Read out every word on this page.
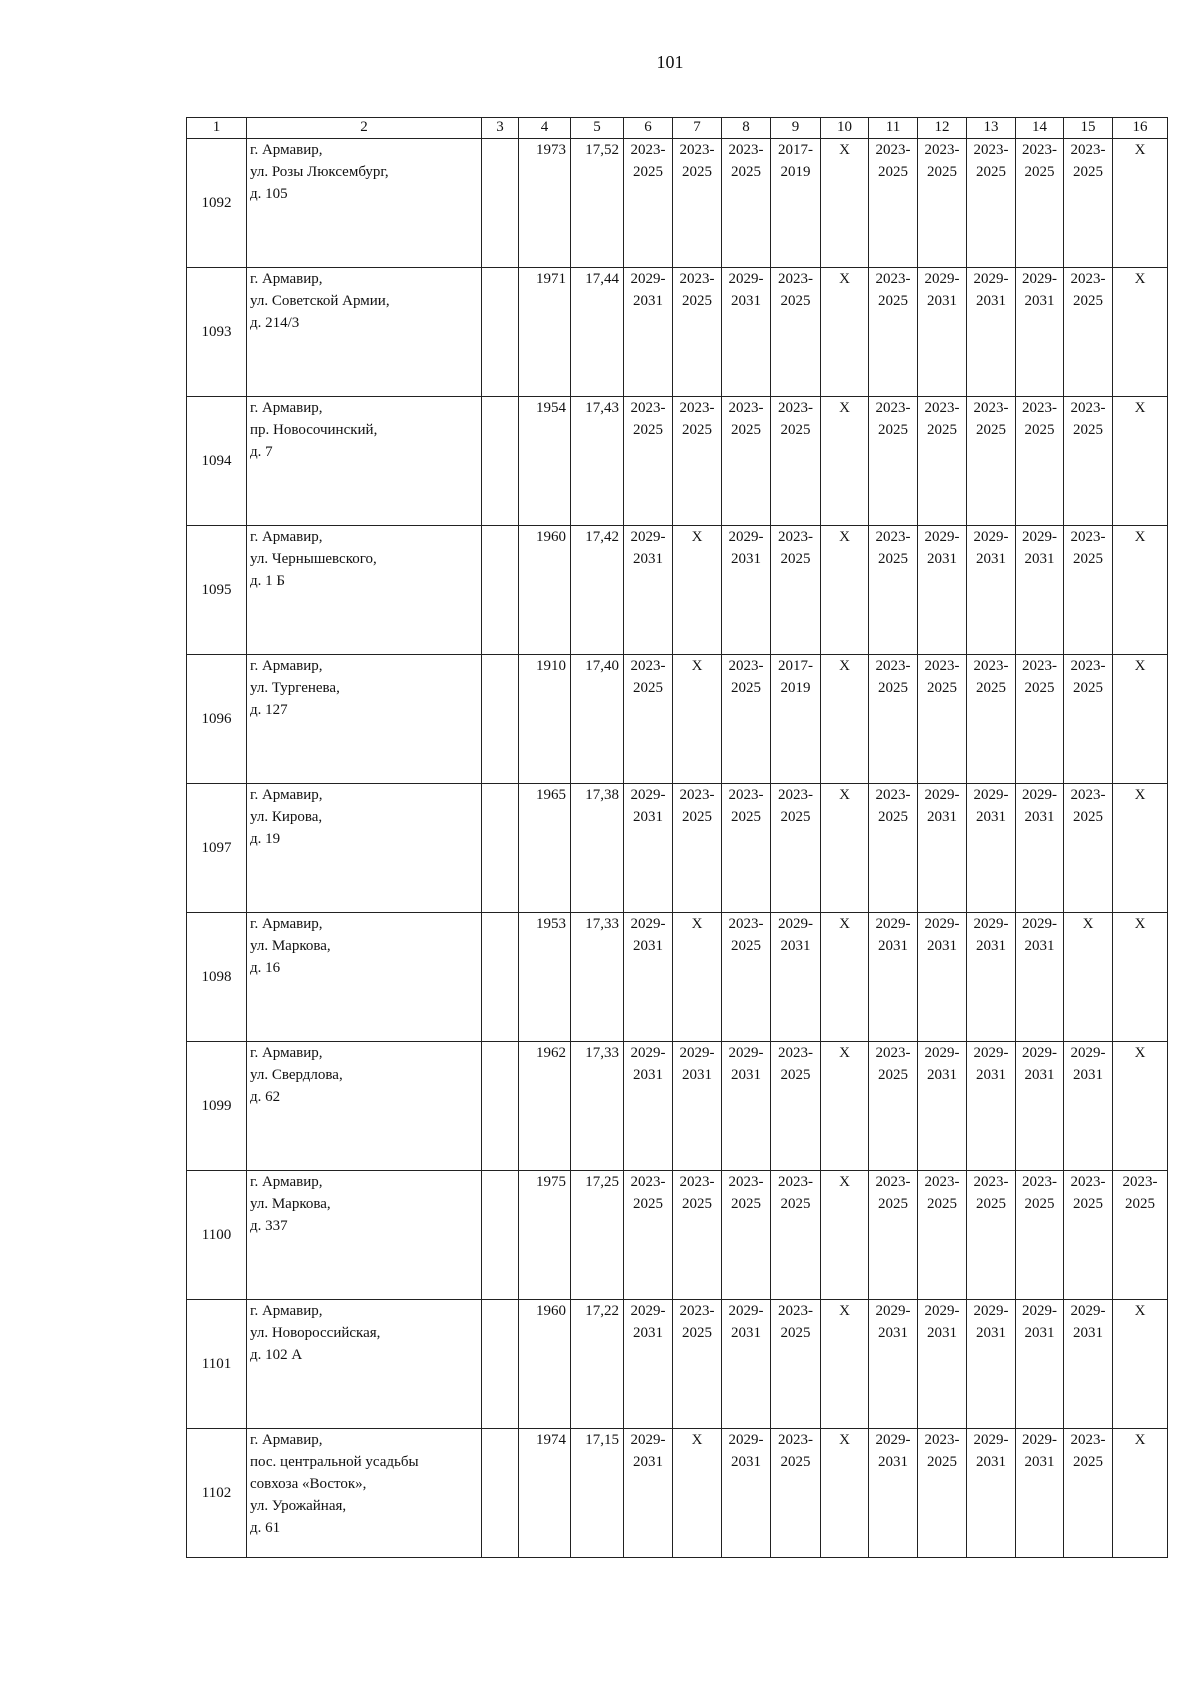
101
1	2	3	4	5	6	7	8	9	10	11	12	13	14	15	16
1092	г. Армавир,
ул. Розы Люксембург,
д. 105		1973	17,52	2023-
2025	2023-
2025	2023-
2025	2017-
2019	X	2023-
2025	2023-
2025	2023-
2025	2023-
2025	2023-
2025	X

1093	г. Армавир,
ул. Советской Армии,
д. 214/3		1971	17,44	2029-
2031	2023-
2025	2029-
2031	2023-
2025	X	2023-
2025	2029-
2031	2029-
2031	2029-
2031	2023-
2025	X

1094	г. Армавир,
пр. Новосочинский,
д. 7		1954	17,43	2023-
2025	2023-
2025	2023-
2025	2023-
2025	X	2023-
2025	2023-
2025	2023-
2025	2023-
2025	2023-
2025	X

1095	г. Армавир,
ул. Чернышевского,
д. 1 Б		1960	17,42	2029-
2031	X	2029-
2031	2023-
2025	X	2023-
2025	2029-
2031	2029-
2031	2029-
2031	2023-
2025	X

1096	г. Армавир,
ул. Тургенева,
д. 127		1910	17,40	2023-
2025	X	2023-
2025	2017-
2019	X	2023-
2025	2023-
2025	2023-
2025	2023-
2025	2023-
2025	X

1097	г. Армавир,
ул. Кирова,
д. 19		1965	17,38	2029-
2031	2023-
2025	2023-
2025	2023-
2025	X	2023-
2025	2029-
2031	2029-
2031	2029-
2031	2023-
2025	X

1098	г. Армавир,
ул. Маркова,
д. 16		1953	17,33	2029-
2031	X	2023-
2025	2029-
2031	X	2029-
2031	2029-
2031	2029-
2031	2029-
2031	X	X

1099	г. Армавир,
ул. Свердлова,
д. 62		1962	17,33	2029-
2031	2029-
2031	2029-
2031	2023-
2025	X	2023-
2025	2029-
2031	2029-
2031	2029-
2031	2029-
2031	X

1100	г. Армавир,
ул. Маркова,
д. 337		1975	17,25	2023-
2025	2023-
2025	2023-
2025	2023-
2025	X	2023-
2025	2023-
2025	2023-
2025	2023-
2025	2023-
2025	2023-
2025

1101	г. Армавир,
ул. Новороссийская,
д. 102 А		1960	17,22	2029-
2031	2023-
2025	2029-
2031	2023-
2025	X	2029-
2031	2029-
2031	2029-
2031	2029-
2031	2029-
2031	X

1102	г. Армавир,
пос. центральной усадьбы
совхоза «Восток»,
ул. Урожайная,
д. 61		1974	17,15	2029-
2031	X	2029-
2031	2023-
2025	X	2029-
2031	2023-
2025	2029-
2031	2029-
2031	2023-
2025	X
